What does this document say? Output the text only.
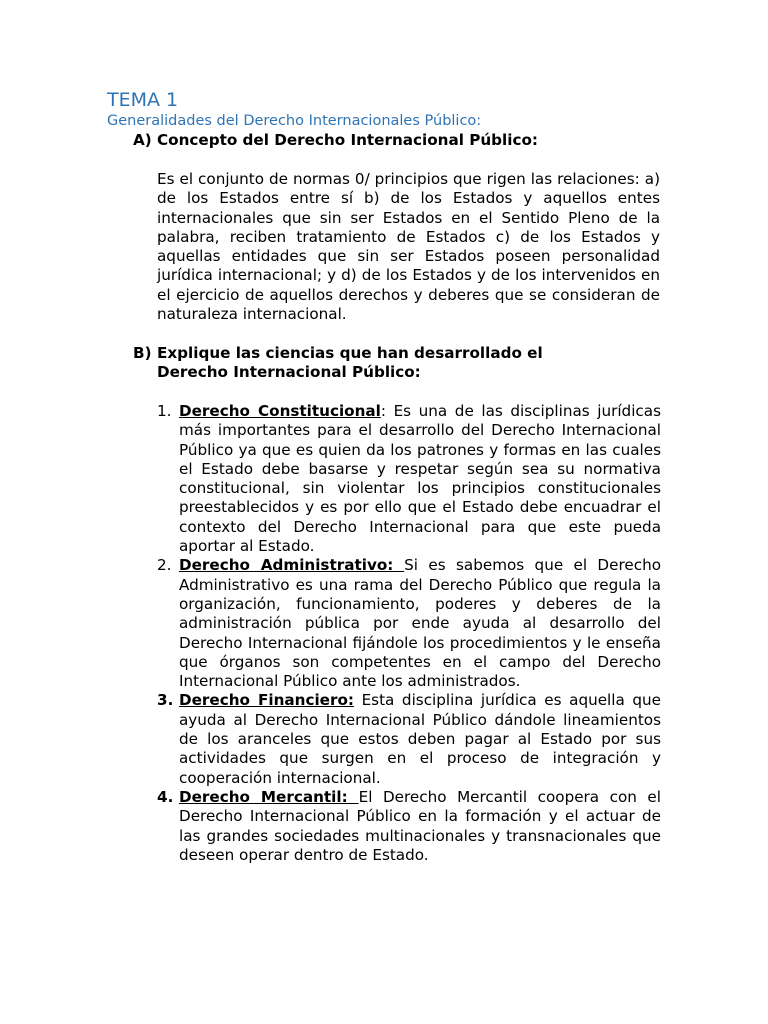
TEMA 1
Generalidades del Derecho Internacionales Público:
A) Concepto del Derecho Internacional Público:
Es el conjunto de normas 0/ principios que rigen las relaciones: a) de los Estados entre sí b) de los Estados y aquellos entes internacionales que sin ser Estados en el Sentido Pleno de la palabra, reciben tratamiento de Estados c) de los Estados y aquellas entidades que sin ser Estados poseen personalidad jurídica internacional; y d) de los Estados y de los intervenidos en el ejercicio de aquellos derechos y deberes que se consideran de naturaleza internacional.
B) Explique las ciencias que han desarrollado el Derecho Internacional Público:
1. Derecho Constitucional: Es una de las disciplinas jurídicas más importantes para el desarrollo del Derecho Internacional Público ya que es quien da los patrones y formas en las cuales el Estado debe basarse y respetar según sea su normativa constitucional, sin violentar los principios constitucionales preestablecidos y es por ello que el Estado debe encuadrar el contexto del Derecho Internacional para que este pueda aportar al Estado.
2. Derecho Administrativo: Si es sabemos que el Derecho Administrativo es una rama del Derecho Público que regula la organización, funcionamiento, poderes y deberes de la administración pública por ende ayuda al desarrollo del Derecho Internacional fijándole los procedimientos y le enseña que órganos son competentes en el campo del Derecho Internacional Público ante los administrados.
3. Derecho Financiero: Esta disciplina jurídica es aquella que ayuda al Derecho Internacional Público dándole lineamientos de los aranceles que estos deben pagar al Estado por sus actividades que surgen en el proceso de integración y cooperación internacional.
4. Derecho Mercantil: El Derecho Mercantil coopera con el Derecho Internacional Público en la formación y el actuar de las grandes sociedades multinacionales y transnacionales que deseen operar dentro de Estado.
